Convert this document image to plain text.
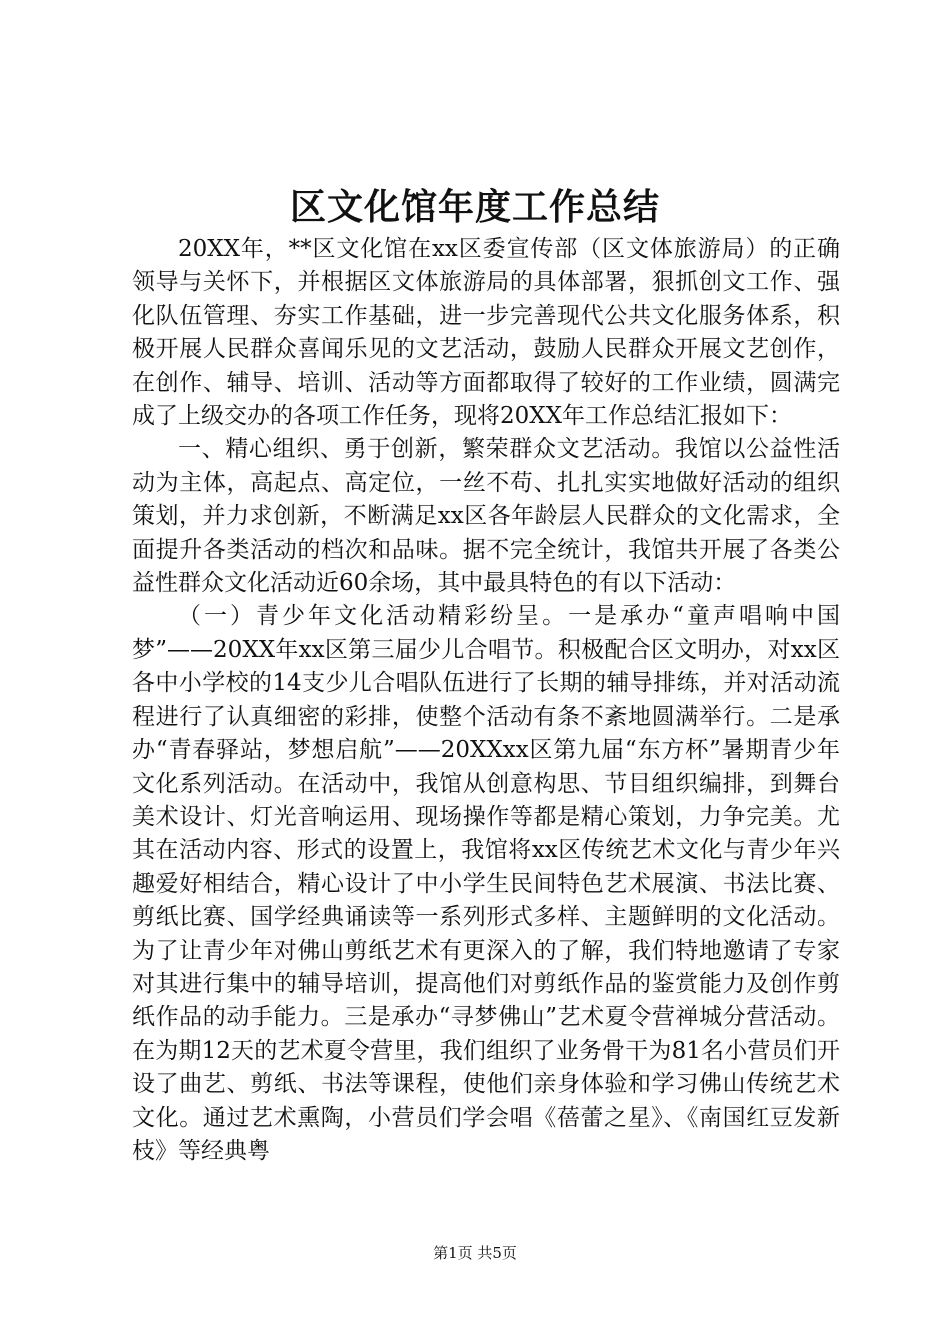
区文化馆年度工作总结

20XX年，**区文化馆在xx区委宣传部（区文体旅游局）的正确领导与关怀下，并根据区文体旅游局的具体部署，狠抓创文工作、强化队伍管理、夯实工作基础，进一步完善现代公共文化服务体系，积极开展人民群众喜闻乐见的文艺活动，鼓励人民群众开展文艺创作，在创作、辅导、培训、活动等方面都取得了较好的工作业绩，圆满完成了上级交办的各项工作任务，现将20XX年工作总结汇报如下：

一、精心组织、勇于创新，繁荣群众文艺活动。我馆以公益性活动为主体，高起点、高定位，一丝不苟、扎扎实实地做好活动的组织策划，并力求创新，不断满足xx区各年龄层人民群众的文化需求，全面提升各类活动的档次和品味。据不完全统计，我馆共开展了各类公益性群众文化活动近60余场，其中最具特色的有以下活动：

（一）青少年文化活动精彩纷呈。一是承办“童声唱响中国梦”——20XX年xx区第三届少儿合唱节。积极配合区文明办，对xx区各中小学校的14支少儿合唱队伍进行了长期的辅导排练，并对活动流程进行了认真细密的彩排，使整个活动有条不紊地圆满举行。二是承办“青春驿站，梦想启航”——20XXxx区第九届“东方杯”暑期青少年文化系列活动。在活动中，我馆从创意构思、节目组织编排，到舞台美术设计、灯光音响运用、现场操作等都是精心策划，力争完美。尤其在活动内容、形式的设置上，我馆将xx区传统艺术文化与青少年兴趣爱好相结合，精心设计了中小学生民间特色艺术展演、书法比赛、剪纸比赛、国学经典诵读等一系列形式多样、主题鲜明的文化活动。为了让青少年对佛山剪纸艺术有更深入的了解，我们特地邀请了专家对其进行集中的辅导培训，提高他们对剪纸作品的鉴赏能力及创作剪纸作品的动手能力。三是承办“寻梦佛山”艺术夏令营禅城分营活动。在为期12天的艺术夏令营里，我们组织了业务骨干为81名小营员们开设了曲艺、剪纸、书法等课程，使他们亲身体验和学习佛山传统艺术文化。通过艺术熏陶，小营员们学会唱《蓓蕾之星》、《南国红豆发新枝》等经典粤

第1页 共5页
